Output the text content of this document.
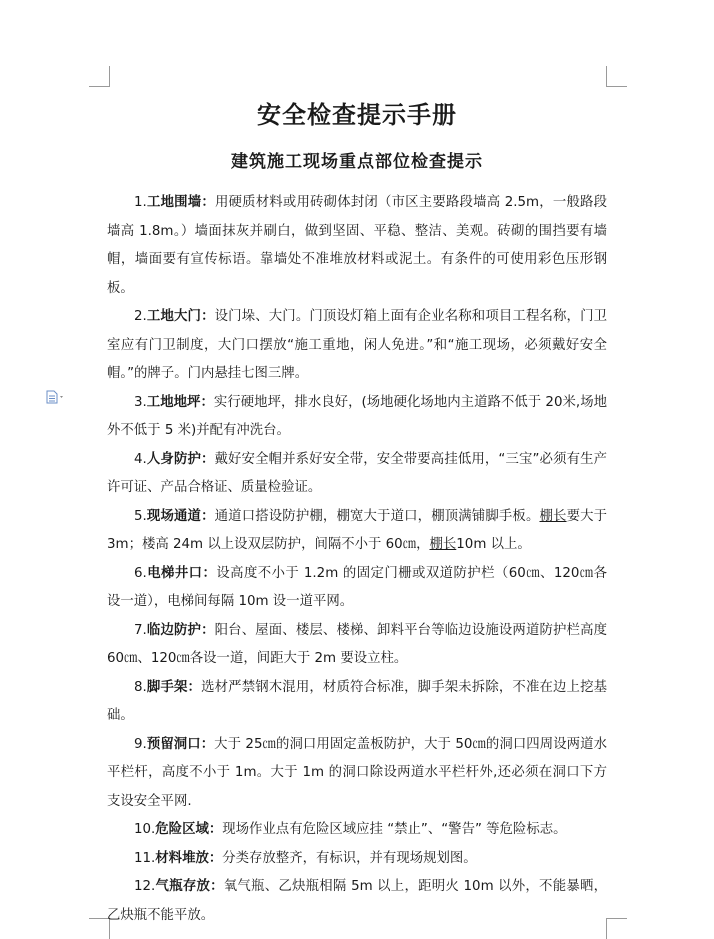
安全检查提示手册
建筑施工现场重点部位检查提示

1.工地围墙：用硬质材料或用砖砌体封闭（市区主要路段墙高 2.5m，一般路段墙高 1.8m。）墙面抹灰并刷白，做到坚固、平稳、整洁、美观。砖砌的围挡要有墙帽，墙面要有宣传标语。靠墙处不准堆放材料或泥土。有条件的可使用彩色压形钢板。

2.工地大门：设门垛、大门。门顶设灯箱上面有企业名称和项目工程名称，门卫室应有门卫制度，大门口摆放“施工重地，闲人免进。”和“施工现场，必须戴好安全帽。”的牌子。门内悬挂七图三牌。

3.工地地坪：实行硬地坪，排水良好，(场地硬化场地内主道路不低于 20米,场地外不低于 5 米)并配有冲洗台。

4.人身防护：戴好安全帽并系好安全带，安全带要高挂低用，“三宝”必须有生产许可证、产品合格证、质量检验证。

5.现场通道：通道口搭设防护棚，棚宽大于道口，棚顶满铺脚手板。棚长要大于 3m；楼高 24m 以上设双层防护，间隔不小于 60㎝，棚长10m 以上。

6.电梯井口：设高度不小于 1.2m 的固定门栅或双道防护栏（60㎝、120㎝各设一道），电梯间每隔 10m 设一道平网。

7.临边防护：阳台、屋面、楼层、楼梯、卸料平台等临边设施设两道防护栏高度 60㎝、120㎝各设一道，间距大于 2m 要设立柱。

8.脚手架：选材严禁钢木混用，材质符合标准，脚手架未拆除，不准在边上挖基础。

9.预留洞口：大于 25㎝的洞口用固定盖板防护，大于 50㎝的洞口四周设两道水平栏杆，高度不小于 1m。大于 1m 的洞口除设两道水平栏杆外,还必须在洞口下方支设安全平网.

10.危险区域：现场作业点有危险区域应挂 “禁止”、“警告” 等危险标志。

11.材料堆放：分类存放整齐，有标识，并有现场规划图。

12.气瓶存放：氧气瓶、乙炔瓶相隔 5m 以上，距明火 10m 以外，不能暴晒，乙炔瓶不能平放。
